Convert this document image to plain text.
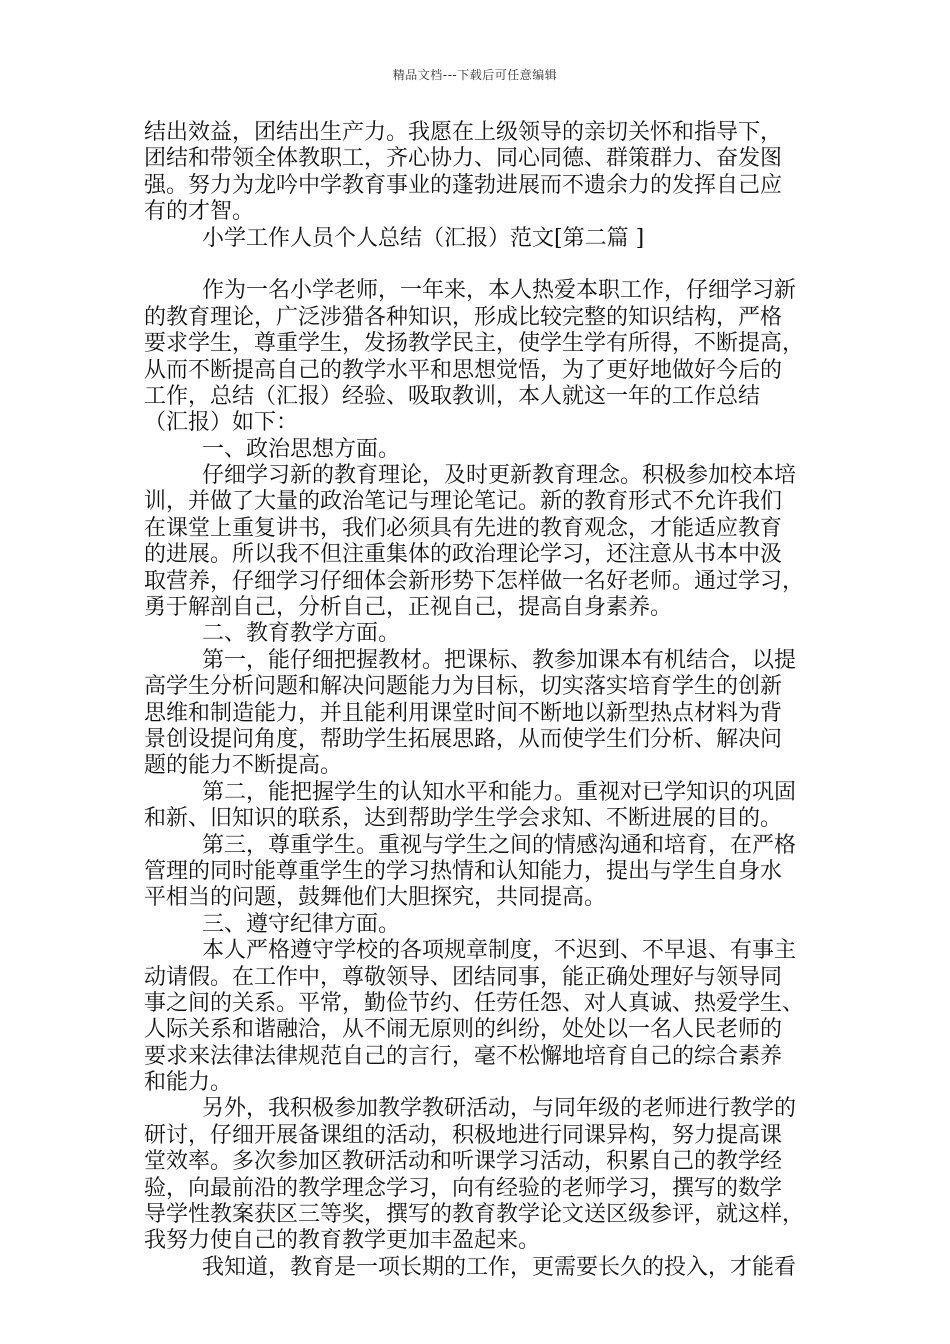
精品文档---下载后可任意编辑
结出效益，团结出生产力。我愿在上级领导的亲切关怀和指导下，
团结和带领全体教职工，齐心协力、同心同德、群策群力、奋发图
强。努力为龙吟中学教育事业的蓬勃进展而不遗余力的发挥自己应
有的才智。
小学工作人员个人总结（汇报）范文[第二篇 ]
作为一名小学老师，一年来，本人热爱本职工作，仔细学习新
的教育理论，广泛涉猎各种知识，形成比较完整的知识结构，严格
要求学生，尊重学生，发扬教学民主，使学生学有所得，不断提高，
从而不断提高自己的教学水平和思想觉悟，为了更好地做好今后的
工作，总结（汇报）经验、吸取教训，本人就这一年的工作总结
（汇报）如下：
一、政治思想方面。
仔细学习新的教育理论，及时更新教育理念。积极参加校本培
训，并做了大量的政治笔记与理论笔记。新的教育形式不允许我们
在课堂上重复讲书，我们必须具有先进的教育观念，才能适应教育
的进展。所以我不但注重集体的政治理论学习，还注意从书本中汲
取营养，仔细学习仔细体会新形势下怎样做一名好老师。通过学习，
勇于解剖自己，分析自己，正视自己，提高自身素养。
二、教育教学方面。
第一，能仔细把握教材。把课标、教参加课本有机结合，以提
高学生分析问题和解决问题能力为目标，切实落实培育学生的创新
思维和制造能力，并且能利用课堂时间不断地以新型热点材料为背
景创设提问角度，帮助学生拓展思路，从而使学生们分析、解决问
题的能力不断提高。
第二，能把握学生的认知水平和能力。重视对已学知识的巩固
和新、旧知识的联系，达到帮助学生学会求知、不断进展的目的。
第三，尊重学生。重视与学生之间的情感沟通和培育，在严格
管理的同时能尊重学生的学习热情和认知能力，提出与学生自身水
平相当的问题，鼓舞他们大胆探究，共同提高。
三、遵守纪律方面。
本人严格遵守学校的各项规章制度，不迟到、不早退、有事主
动请假。在工作中，尊敬领导、团结同事，能正确处理好与领导同
事之间的关系。平常，勤俭节约、任劳任怨、对人真诚、热爱学生、
人际关系和谐融洽，从不闹无原则的纠纷，处处以一名人民老师的
要求来法律法律规范自己的言行，毫不松懈地培育自己的综合素养
和能力。
另外，我积极参加教学教研活动，与同年级的老师进行教学的
研讨，仔细开展备课组的活动，积极地进行同课异构，努力提高课
堂效率。多次参加区教研活动和听课学习活动，积累自己的教学经
验，向最前沿的教学理念学习，向有经验的老师学习，撰写的数学
导学性教案获区三等奖，撰写的教育教学论文送区级参评，就这样，
我努力使自己的教育教学更加丰盈起来。
我知道，教育是一项长期的工作，更需要长久的投入，才能看
